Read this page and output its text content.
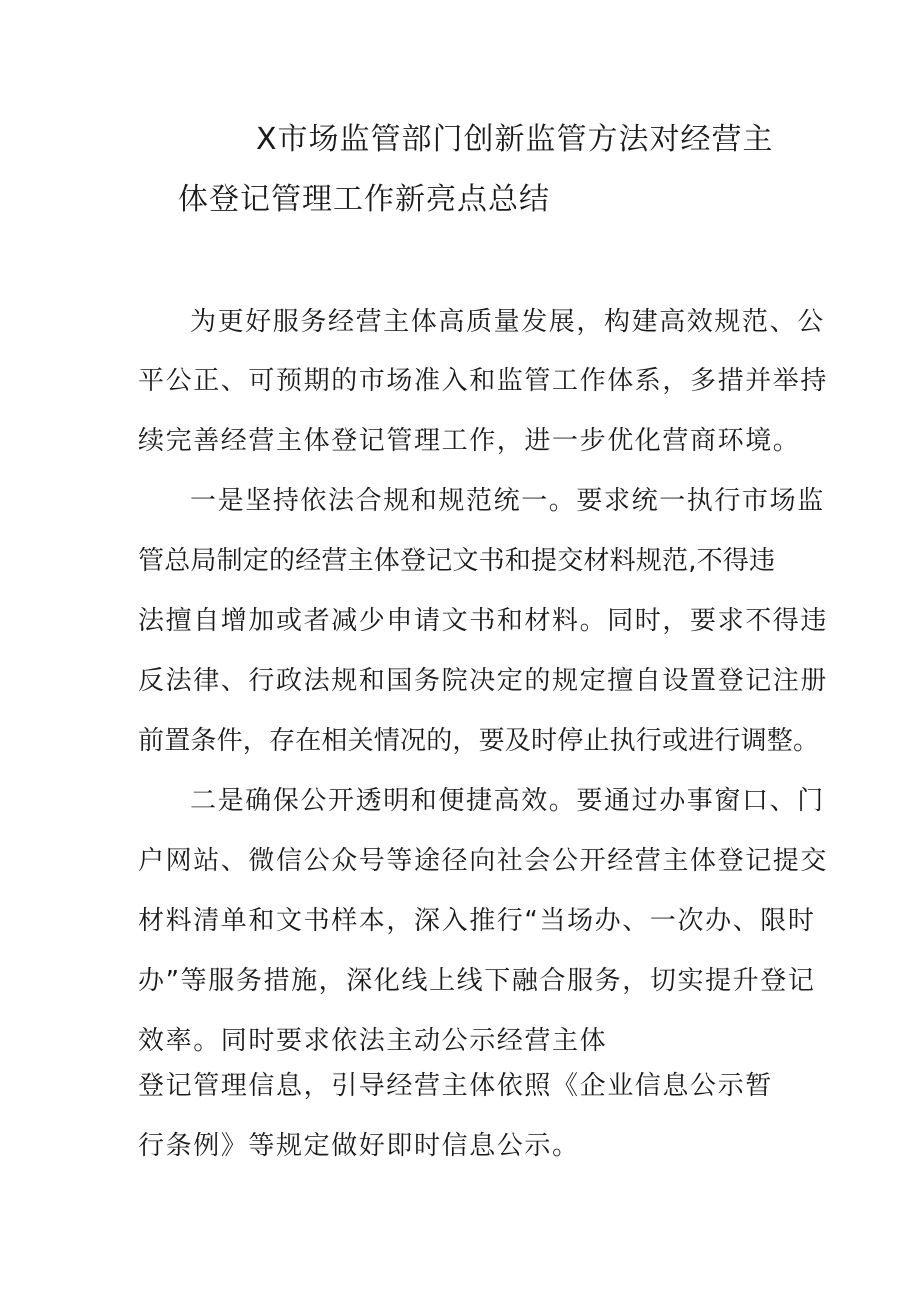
X市场监管部门创新监管方法对经营主
体登记管理工作新亮点总结
为更好服务经营主体高质量发展，构建高效规范、公
平公正、可预期的市场准入和监管工作体系，多措并举持
续完善经营主体登记管理工作，进一步优化营商环境。
一是坚持依法合规和规范统一。要求统一执行市场监
管总局制定的经营主体登记文书和提交材料规范,不得违
法擅自增加或者减少申请文书和材料。同时，要求不得违
反法律、行政法规和国务院决定的规定擅自设置登记注册
前置条件，存在相关情况的，要及时停止执行或进行调整。
二是确保公开透明和便捷高效。要通过办事窗口、门
户网站、微信公众号等途径向社会公开经营主体登记提交
材料清单和文书样本，深入推行“当场办、一次办、限时
办”等服务措施，深化线上线下融合服务，切实提升登记
效率。同时要求依法主动公示经营主体
登记管理信息，引导经营主体依照《企业信息公示暂
行条例》等规定做好即时信息公示。
